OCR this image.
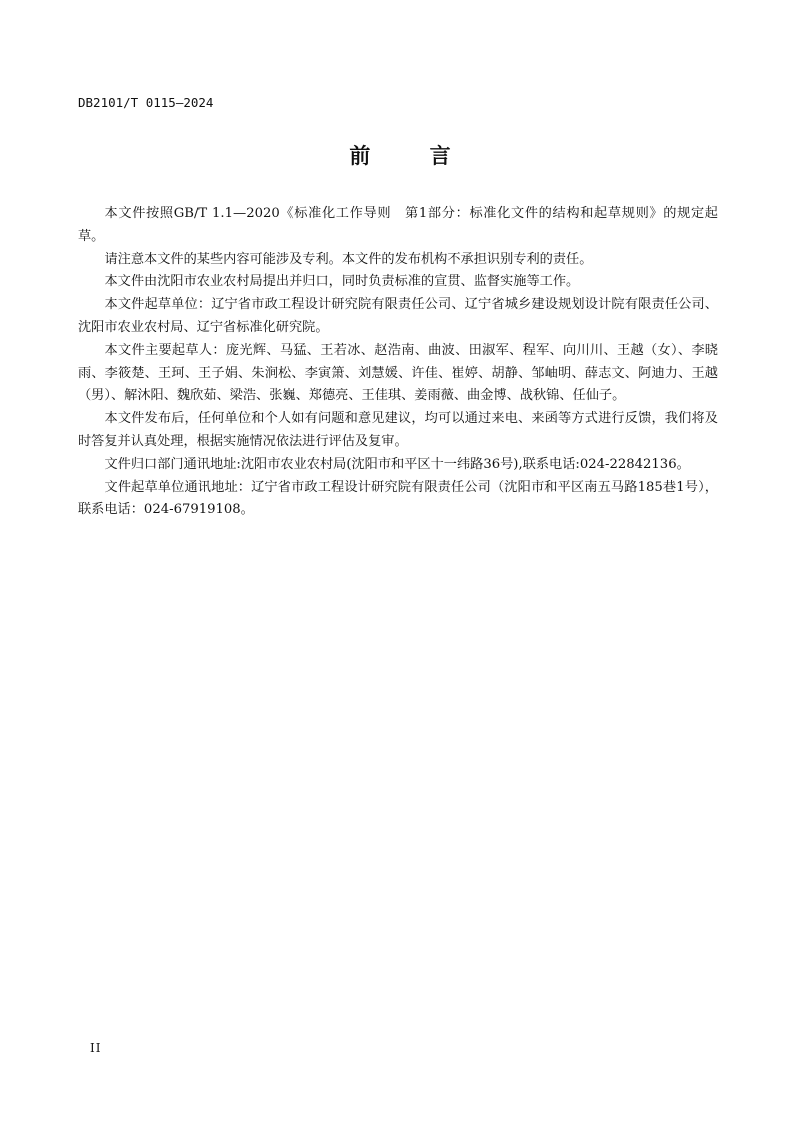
DB2101/T 0115—2024
前 言

本文件按照GB/T 1.1—2020《标准化工作导则　第1部分：标准化文件的结构和起草规则》的规定起草。

请注意本文件的某些内容可能涉及专利。本文件的发布机构不承担识别专利的责任。

本文件由沈阳市农业农村局提出并归口，同时负责标准的宣贯、监督实施等工作。

本文件起草单位：辽宁省市政工程设计研究院有限责任公司、辽宁省城乡建设规划设计院有限责任公司、沈阳市农业农村局、辽宁省标准化研究院。

本文件主要起草人：庞光辉、马猛、王若冰、赵浩南、曲波、田淑军、程军、向川川、王越（女）、李晓雨、李筱楚、王珂、王子娟、朱涧松、李寅箫、刘慧媛、许佳、崔婷、胡静、邹岫明、薛志文、阿迪力、王越（男）、解沐阳、魏欣茹、梁浩、张巍、郑德亮、王佳琪、姜雨薇、曲金博、战秋锦、任仙子。

本文件发布后，任何单位和个人如有问题和意见建议，均可以通过来电、来函等方式进行反馈，我们将及时答复并认真处理，根据实施情况依法进行评估及复审。

文件归口部门通讯地址:沈阳市农业农村局(沈阳市和平区十一纬路36号),联系电话:024-22842136。

文件起草单位通讯地址：辽宁省市政工程设计研究院有限责任公司（沈阳市和平区南五马路185巷1号），联系电话：024-67919108。

II
